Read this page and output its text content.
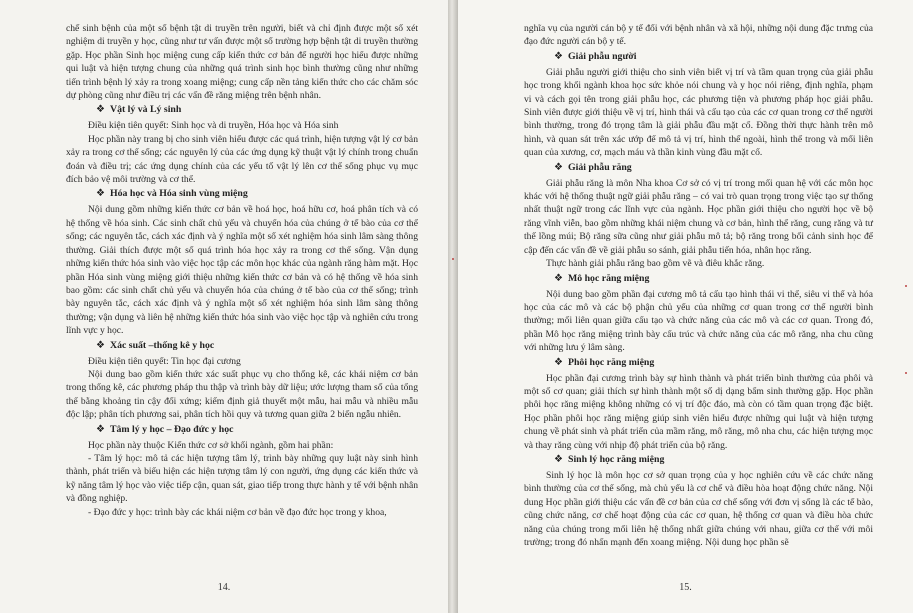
chế sinh bệnh của một số bệnh tật di truyền trên người, biết và chỉ định được một số xét nghiệm di truyền y học, cũng như tư vấn được một số trường hợp bệnh tật di truyền thường gặp. Học phần Sinh học miệng cung cấp kiến thức cơ bản để người học hiểu được những qui luật và hiện tượng chung của những quá trình sinh học bình thường cũng như những tiến trình bệnh lý xảy ra trong xoang miệng; cung cấp nền tảng kiến thức cho các chăm sóc dự phòng cũng như điều trị các vấn đề răng miệng trên bệnh nhân.

❖ Vật lý và Lý sinh

Điều kiện tiên quyết: Sinh học và di truyền, Hóa học và Hóa sinh

Học phần này trang bị cho sinh viên hiểu được các quá trình, hiện tượng vật lý cơ bản xảy ra trong cơ thể sống; các nguyên lý của các ứng dụng kỹ thuật vật lý chính trong chuẩn đoán và điều trị; các ứng dụng chính của các yếu tố vật lý lên cơ thể sống phục vụ mục đích bảo vệ môi trường và cơ thể.

❖ Hóa học và Hóa sinh vùng miệng

Nội dung gồm những kiến thức cơ bản về hoá học, hoá hữu cơ, hoá phân tích và có hệ thống về hóa sinh. Các sinh chất chủ yếu và chuyển hóa của chúng ở tế bào của cơ thể sống; các nguyên tắc, cách xác định và ý nghĩa một số xét nghiệm hóa sinh lâm sàng thông thường. Giải thích được một số quá trình hóa học xảy ra trong cơ thể sống. Vận dụng những kiến thức hóa sinh vào việc học tập các môn học khác của ngành răng hàm mặt. Học phần Hóa sinh vùng miệng giới thiệu những kiến thức cơ bản và có hệ thống về hóa sinh bao gồm: các sinh chất chủ yếu và chuyển hóa của chúng ở tế bào của cơ thể sống; trình bày nguyên tắc, cách xác định và ý nghĩa một số xét nghiệm hóa sinh lâm sàng thông thường; vận dụng và liên hệ những kiến thức hóa sinh vào việc học tập và nghiên cứu trong lĩnh vực y học.

❖ Xác suất –thống kê y học

Điều kiện tiên quyết: Tin học đại cương

Nội dung bao gồm kiến thức xác suất phục vụ cho thống kê, các khái niệm cơ bản trong thống kê, các phương pháp thu thập và trình bày dữ liệu; ước lượng tham số của tổng thể bằng khoảng tin cậy đối xứng; kiểm định giả thuyết một mẫu, hai mẫu và nhiều mẫu độc lập; phân tích phương sai, phân tích hồi quy và tương quan giữa 2 biến ngẫu nhiên.

❖ Tâm lý y học – Đạo đức y học

Học phần này thuộc Kiến thức cơ sở khối ngành, gồm hai phần:

- Tâm lý học: mô tả các hiện tượng tâm lý, trình bày những quy luật này sinh hình thành, phát triển và biểu hiện các hiện tượng tâm lý con người, ứng dụng các kiến thức và kỹ năng tâm lý học vào việc tiếp cận, quan sát, giao tiếp trong thực hành y tế với bệnh nhân và đồng nghiệp.

- Đạo đức y học: trình bày các khái niệm cơ bản về đạo đức học trong y khoa,

14.

nghĩa vụ của người cán bộ y tế đối với bệnh nhân và xã hội, những nội dung đặc trưng của đạo đức người cán bộ y tế.

❖ Giải phẫu người

Giải phẫu người giới thiệu cho sinh viên biết vị trí và tầm quan trọng của giải phẫu học trong khối ngành khoa học sức khỏe nói chung và y học nói riêng, định nghĩa, phạm vi và cách gọi tên trong giải phẫu học, các phương tiện và phương pháp học giải phẫu. Sinh viên được giới thiệu về vị trí, hình thái và cấu tạo của các cơ quan trong cơ thể người bình thường, trong đó trọng tâm là giải phẫu đầu mặt cổ. Đồng thời thực hành trên mô hình, và quan sát trên xác ướp để mô tả vị trí, hình thể ngoài, hình thể trong và mối liên quan của xương, cơ, mạch máu và thần kinh vùng đầu mặt cổ.

❖ Giải phẫu răng

Giải phẫu răng là môn Nha khoa Cơ sở có vị trí trong mối quan hệ với các môn học khác với hệ thống thuật ngữ giải phẫu răng – có vai trò quan trọng trong việc tạo sự thống nhất thuật ngữ trong các lĩnh vực của ngành. Học phần giới thiệu cho người học về bộ răng vĩnh viễn, bao gồm những khái niệm chung và cơ bản, hình thể răng, cung răng và tư thế lồng múi; Bộ răng sữa cũng như giải phẫu mô tả; bộ răng trong bối cảnh sinh học để cập đến các vấn đề về giải phẫu so sánh, giải phẫu tiến hóa, nhân học răng.

Thực hành giải phẫu răng bao gồm vẽ và điêu khắc răng.

❖ Mô học răng miệng

Nội dung bao gồm phần đại cương mô tả cấu tạo hình thái vi thể, siêu vi thể và hóa học của các mô và các bộ phận chủ yếu của những cơ quan trong cơ thể người bình thường; mối liên quan giữa cấu tạo và chức năng của các mô và các cơ quan. Trong đó, phần Mô học răng miệng trình bày cấu trúc và chức năng của các mô răng, nha chu cũng với những lưu ý lâm sàng.

❖ Phôi học răng miệng

Học phần đại cương trình bày sự hình thành và phát triển bình thường của phôi và một số cơ quan; giải thích sự hình thành một số dị dạng bẩm sinh thường gặp. Học phần phôi học răng miệng không những có vị trí độc đáo, mà còn có tầm quan trọng đặc biệt. Học phần phôi học răng miệng giúp sinh viên hiểu được những qui luật và hiện tượng chung về phát sinh và phát triển của mầm răng, mô răng, mô nha chu, các hiện tượng mọc và thay răng cùng với nhịp độ phát triển của bộ răng.

❖ Sinh lý học răng miệng

Sinh lý học là môn học cơ sở quan trọng của y học nghiên cứu về các chức năng bình thường của cơ thể sống, mà chủ yếu là cơ chế và điều hòa hoạt động chức năng. Nội dung Học phần giới thiệu các vấn đề cơ bản của cơ chế sống với đơn vị sống là các tế bào, cũng chức năng, cơ chế hoạt động của các cơ quan, hệ thống cơ quan và điều hòa chức năng của chúng trong mối liên hệ thống nhất giữa chúng với nhau, giữa cơ thể với môi trường; trong đó nhấn mạnh đến xoang miệng. Nội dung học phần sẽ

15.
